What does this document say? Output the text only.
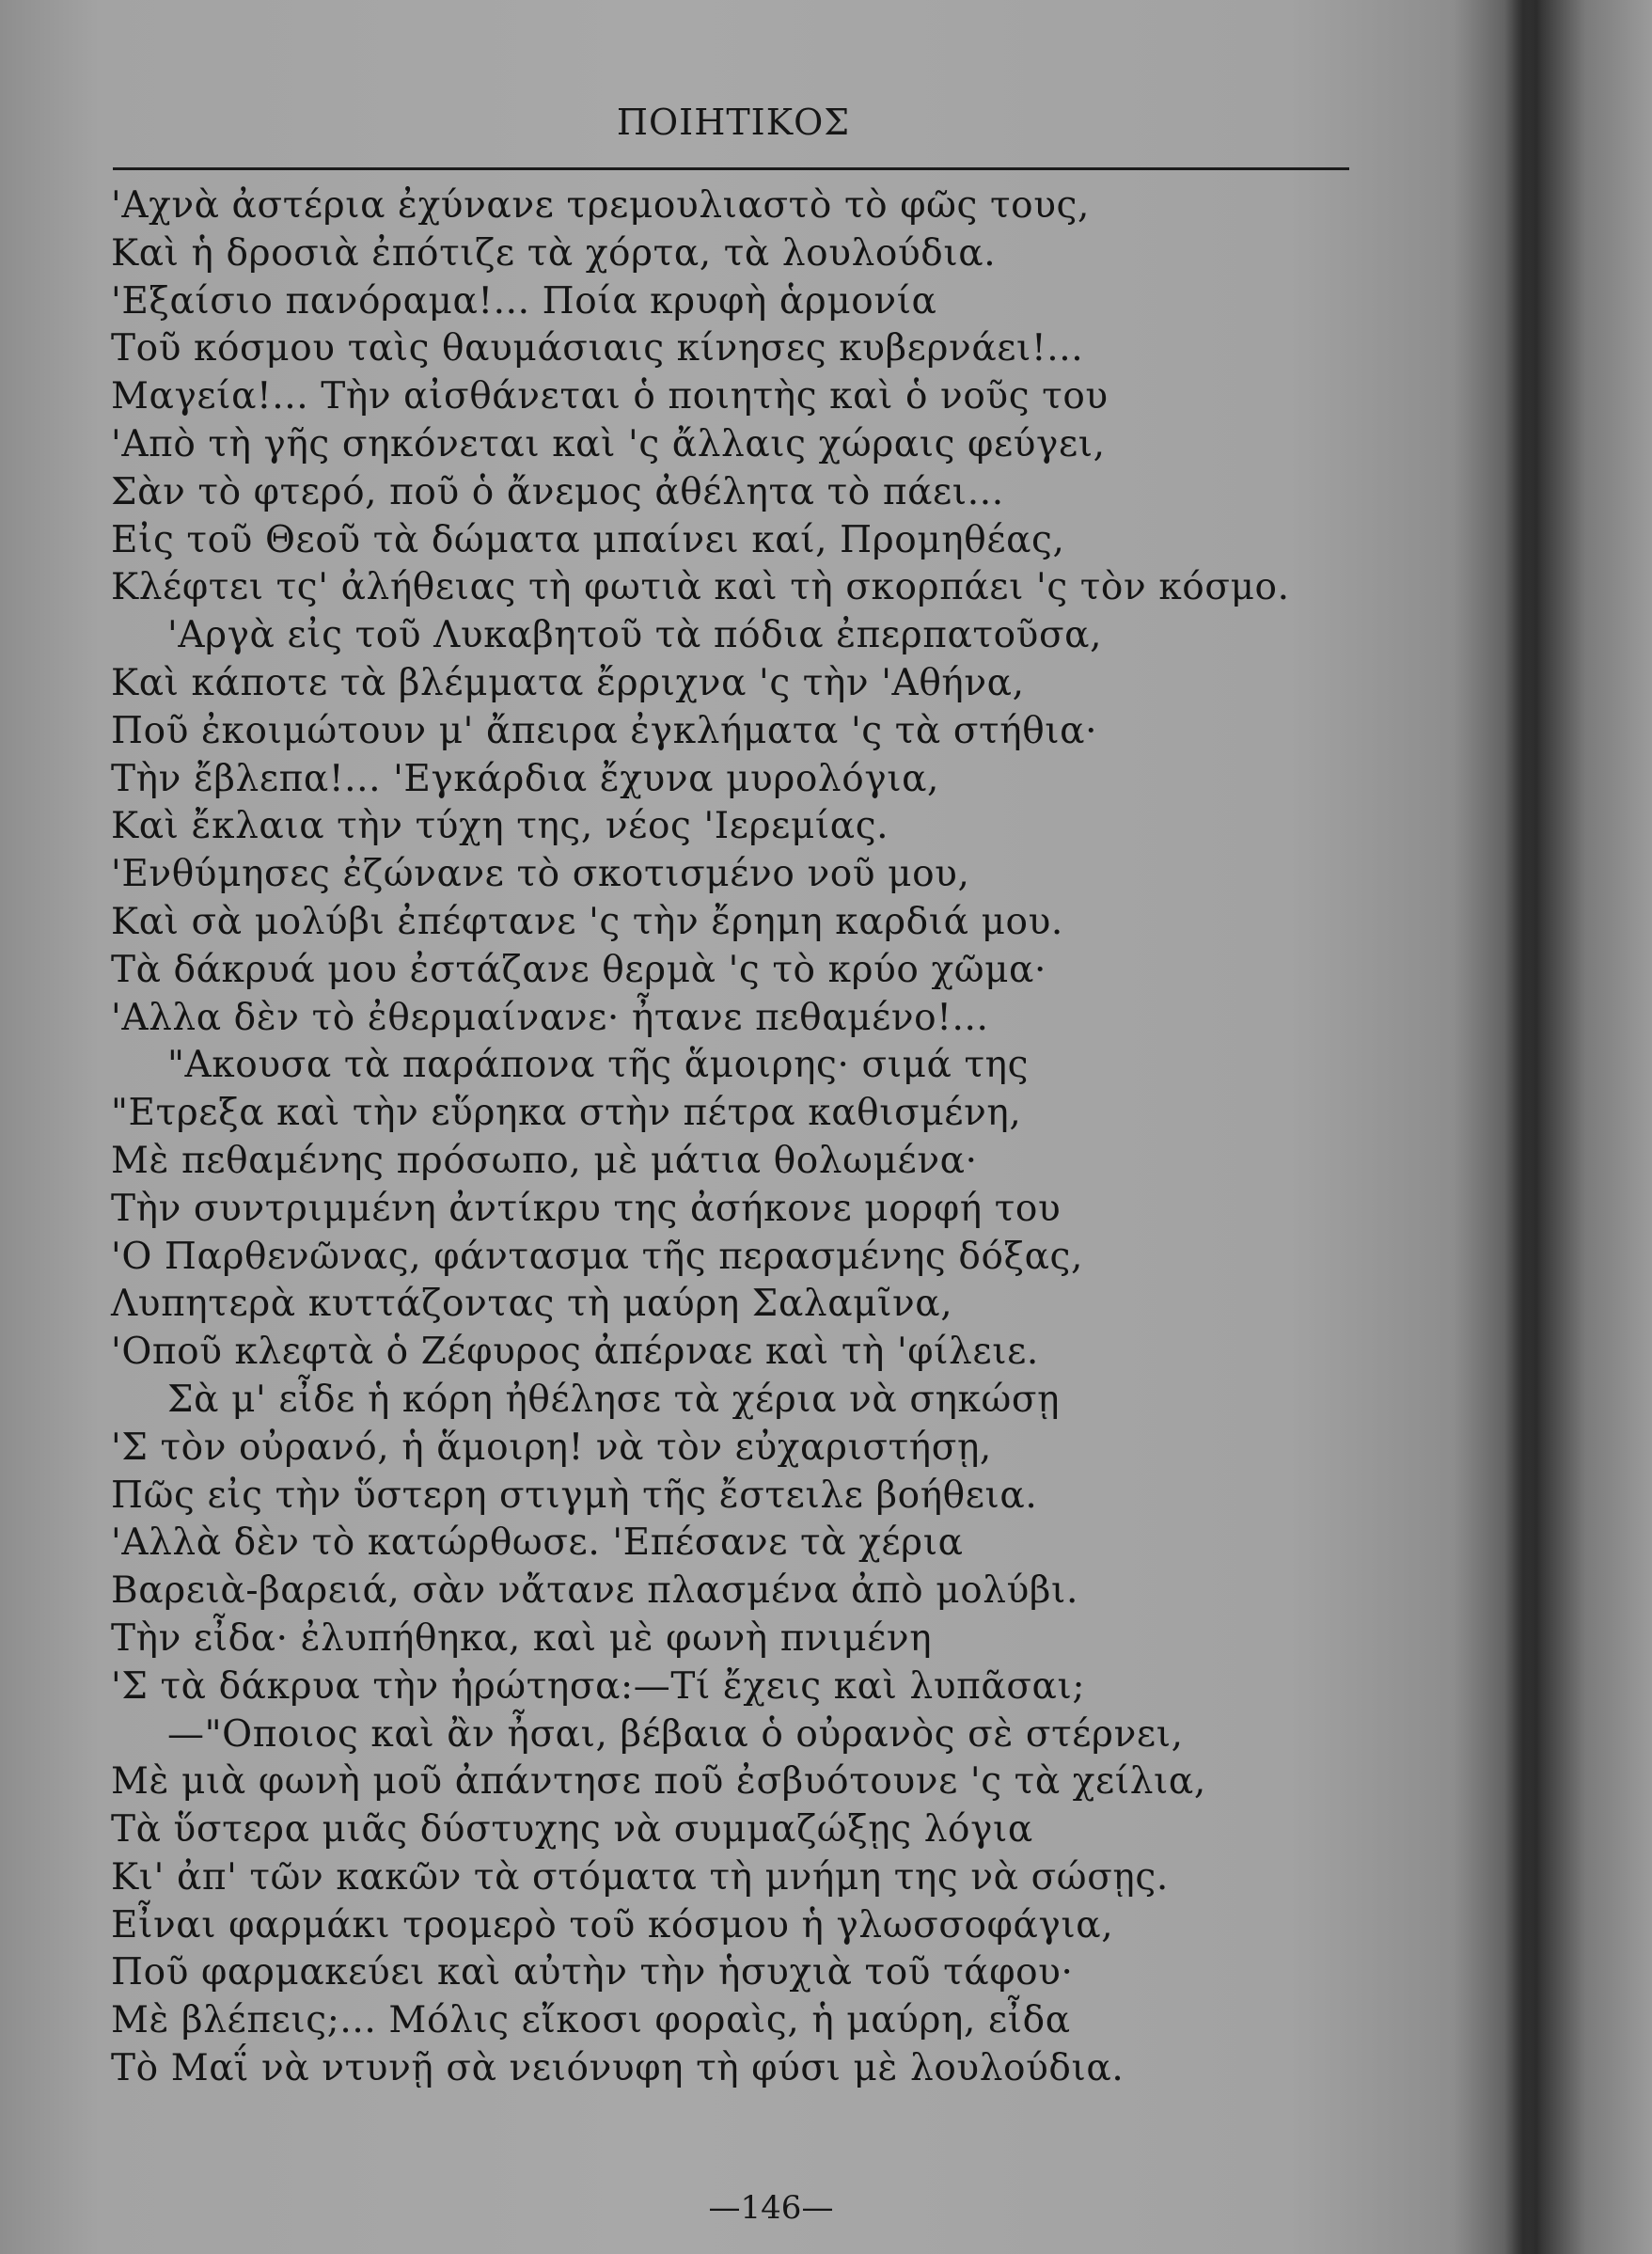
ΠΟΙΗΤΙΚΟΣ
'Αχνὰ ἀστέρια ἐχύνανε τρεμουλιαστὸ τὸ φῶς τους,
Καὶ ἡ δροσιὰ ἐπότιζε τὰ χόρτα, τὰ λουλούδια.
'Εξαίσιο πανόραμα!... Ποία κρυφὴ ἁρμονία
Τοῦ κόσμου ταὶς θαυμάσιαις κίνησες κυβερνάει!...
Μαγεία!... Τὴν αἰσθάνεται ὁ ποιητὴς καὶ ὁ νοῦς του
'Απὸ τὴ γῆς σηκόνεται καὶ 'ς ἄλλαις χώραις φεύγει,
Σὰν τὸ φτερό, ποῦ ὁ ἄνεμος ἀθέλητα τὸ πάει...
Εἰς τοῦ Θεοῦ τὰ δώματα μπαίνει καί, Προμηθέας,
Κλέφτει τς' ἀλήθειας τὴ φωτιὰ καὶ τὴ σκορπάει 'ς τὸν κόσμο.
'Αργὰ εἰς τοῦ Λυκαβητοῦ τὰ πόδια ἐπερπατοῦσα,
Καὶ κάποτε τὰ βλέμματα ἔρριχνα 'ς τὴν 'Αθήνα,
Ποῦ ἐκοιμώτουν μ' ἄπειρα ἐγκλήματα 'ς τὰ στήθια·
Τὴν ἔβλεπα!... 'Εγκάρδια ἔχυνα μυρολόγια,
Καὶ ἔκλαια τὴν τύχη της, νέος 'Ιερεμίας.
'Ενθύμησες ἐζώνανε τὸ σκοτισμένο νοῦ μου,
Καὶ σὰ μολύβι ἐπέφτανε 'ς τὴν ἔρημη καρδιά μου.
Τὰ δάκρυά μου ἐστάζανε θερμὰ 'ς τὸ κρύο χῶμα·
'Αλλα δὲν τὸ ἐθερμαίνανε· ἦτανε πεθαμένο!...
"Ακουσα τὰ παράπονα τῆς ἅμοιρης· σιμά της
"Ετρεξα καὶ τὴν εὕρηκα στὴν πέτρα καθισμένη,
Μὲ πεθαμένης πρόσωπο, μὲ μάτια θολωμένα·
Τὴν συντριμμένη ἀντίκρυ της ἀσήκονε μορφή του
'Ο Παρθενῶνας, φάντασμα τῆς περασμένης δόξας,
Λυπητερὰ κυττάζοντας τὴ μαύρη Σαλαμῖνα,
'Οποῦ κλεφτὰ ὁ Ζέφυρος ἀπέρναε καὶ τὴ 'φίλειε.
Σὰ μ' εἶδε ἡ κόρη ἠθέλησε τὰ χέρια νὰ σηκώσῃ
'Σ τὸν οὐρανό, ἡ ἅμοιρη! νὰ τὸν εὐχαριστήσῃ,
Πῶς εἰς τὴν ὕστερη στιγμὴ τῆς ἔστειλε βοήθεια.
'Αλλὰ δὲν τὸ κατώρθωσε. 'Επέσανε τὰ χέρια
Βαρειὰ-βαρειά, σὰν νἄτανε πλασμένα ἀπὸ μολύβι.
Τὴν εἶδα· ἐλυπήθηκα, καὶ μὲ φωνὴ πνιμένη
'Σ τὰ δάκρυα τὴν ἠρώτησα:—Τί ἔχεις καὶ λυπᾶσαι;
—"Οποιος καὶ ἂν ἦσαι, βέβαια ὁ οὐρανὸς σὲ στέρνει,
Μὲ μιὰ φωνὴ μοῦ ἀπάντησε ποῦ ἐσβυότουνε 'ς τὰ χείλια,
Τὰ ὕστερα μιᾶς δύστυχης νὰ συμμαζώξῃς λόγια
Κι' ἀπ' τῶν κακῶν τὰ στόματα τὴ μνήμη της νὰ σώσῃς.
Εἶναι φαρμάκι τρομερὸ τοῦ κόσμου ἡ γλωσσοφάγια,
Ποῦ φαρμακεύει καὶ αὐτὴν τὴν ἡσυχιὰ τοῦ τάφου·
Μὲ βλέπεις;... Μόλις εἴκοσι φοραὶς, ἡ μαύρη, εἶδα
Τὸ Μαΐ νὰ ντυνῇ σὰ νειόνυφη τὴ φύσι μὲ λουλούδια.
—146—
